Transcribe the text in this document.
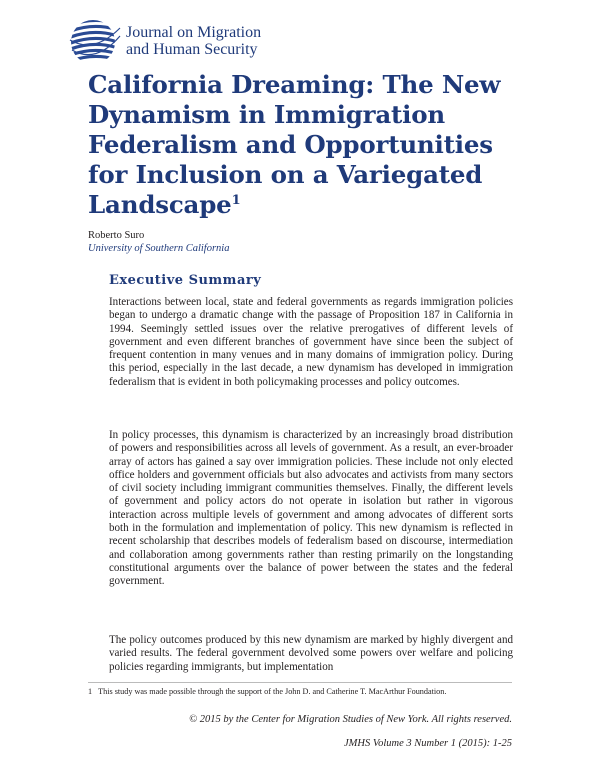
Journal on Migration
and Human Security
California Dreaming: The New Dynamism in Immigration Federalism and Opportunities for Inclusion on a Variegated Landscape$^1$
Roberto Suro
University of Southern California
Executive Summary

Interactions between local, state and federal governments as regards immigration policies began to undergo a dramatic change with the passage of Proposition 187 in California in 1994. Seemingly settled issues over the relative prerogatives of different levels of government and even different branches of government have since been the subject of frequent contention in many venues and in many domains of immigration policy. During this period, especially in the last decade, a new dynamism has developed in immigration federalism that is evident in both policymaking processes and policy outcomes.

In policy processes, this dynamism is characterized by an increasingly broad distribution of powers and responsibilities across all levels of government. As a result, an ever-broader array of actors has gained a say over immigration policies. These include not only elected office holders and government officials but also advocates and activists from many sectors of civil society including immigrant communities themselves. Finally, the different levels of government and policy actors do not operate in isolation but rather in vigorous interaction across multiple levels of government and among advocates of different sorts both in the formulation and implementation of policy. This new dynamism is reflected in recent scholarship that describes models of federalism based on discourse, intermediation and collaboration among governments rather than resting primarily on the longstanding constitutional arguments over the balance of power between the states and the federal government.

The policy outcomes produced by this new dynamism are marked by highly divergent and varied results. The federal government devolved some powers over welfare and policing policies regarding immigrants, but implementation

1 This study was made possible through the support of the John D. and Catherine T. MacArthur Foundation.
© 2015 by the Center for Migration Studies of New York. All rights reserved.
JMHS Volume 3 Number 1 (2015): 1-25
